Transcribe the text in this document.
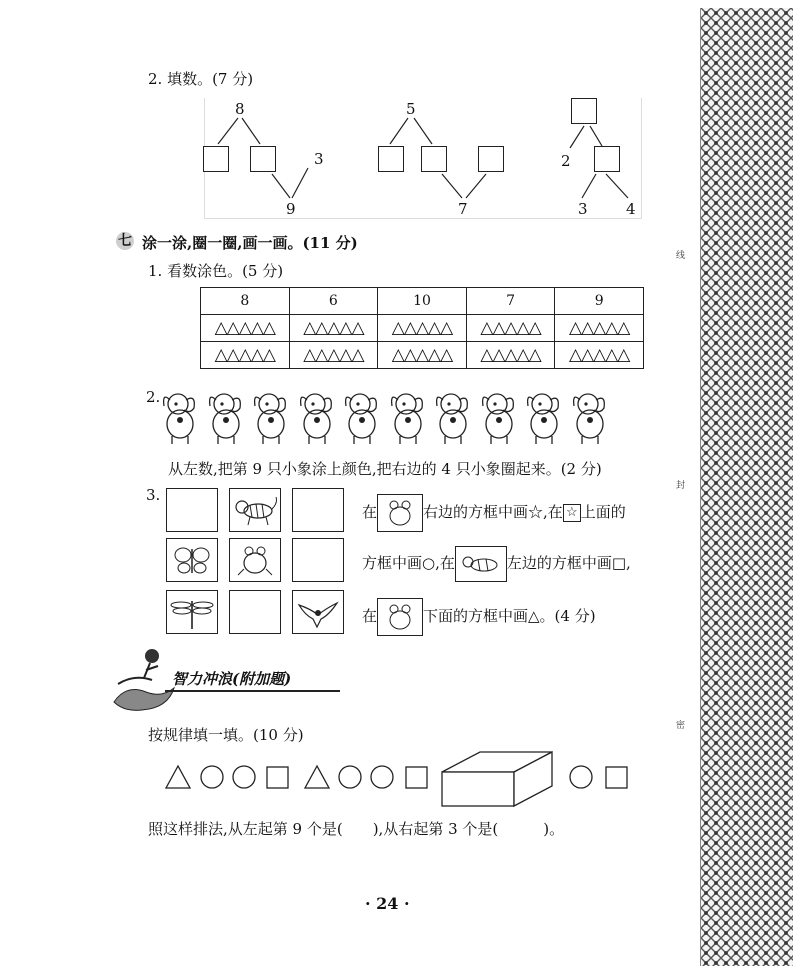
线
封
密
2. 填数。(7 分)
8
3
9
5
7
2
3	4
七 涂一涂,圈一圈,画一画。(11 分)
1. 看数涂色。(5 分)
8	6	10	7	9
△△△△△	△△△△△	△△△△△	△△△△△	△△△△△
△△△△△	△△△△△	△△△△△	△△△△△	△△△△△
2.
从左数,把第 9 只小象涂上颜色,把右边的 4 只小象圈起来。(2 分)
3.
在	右边的方框中画☆,在 ☆ 上面的
方框中画○,在	左边的方框中画□,
在	下面的方框中画△。(4 分)
智力冲浪(附加题)
按规律填一填。(10 分)
照这样排法,从左起第 9 个是(　　),从右起第 3 个是(　　　)。
· 24 ·
